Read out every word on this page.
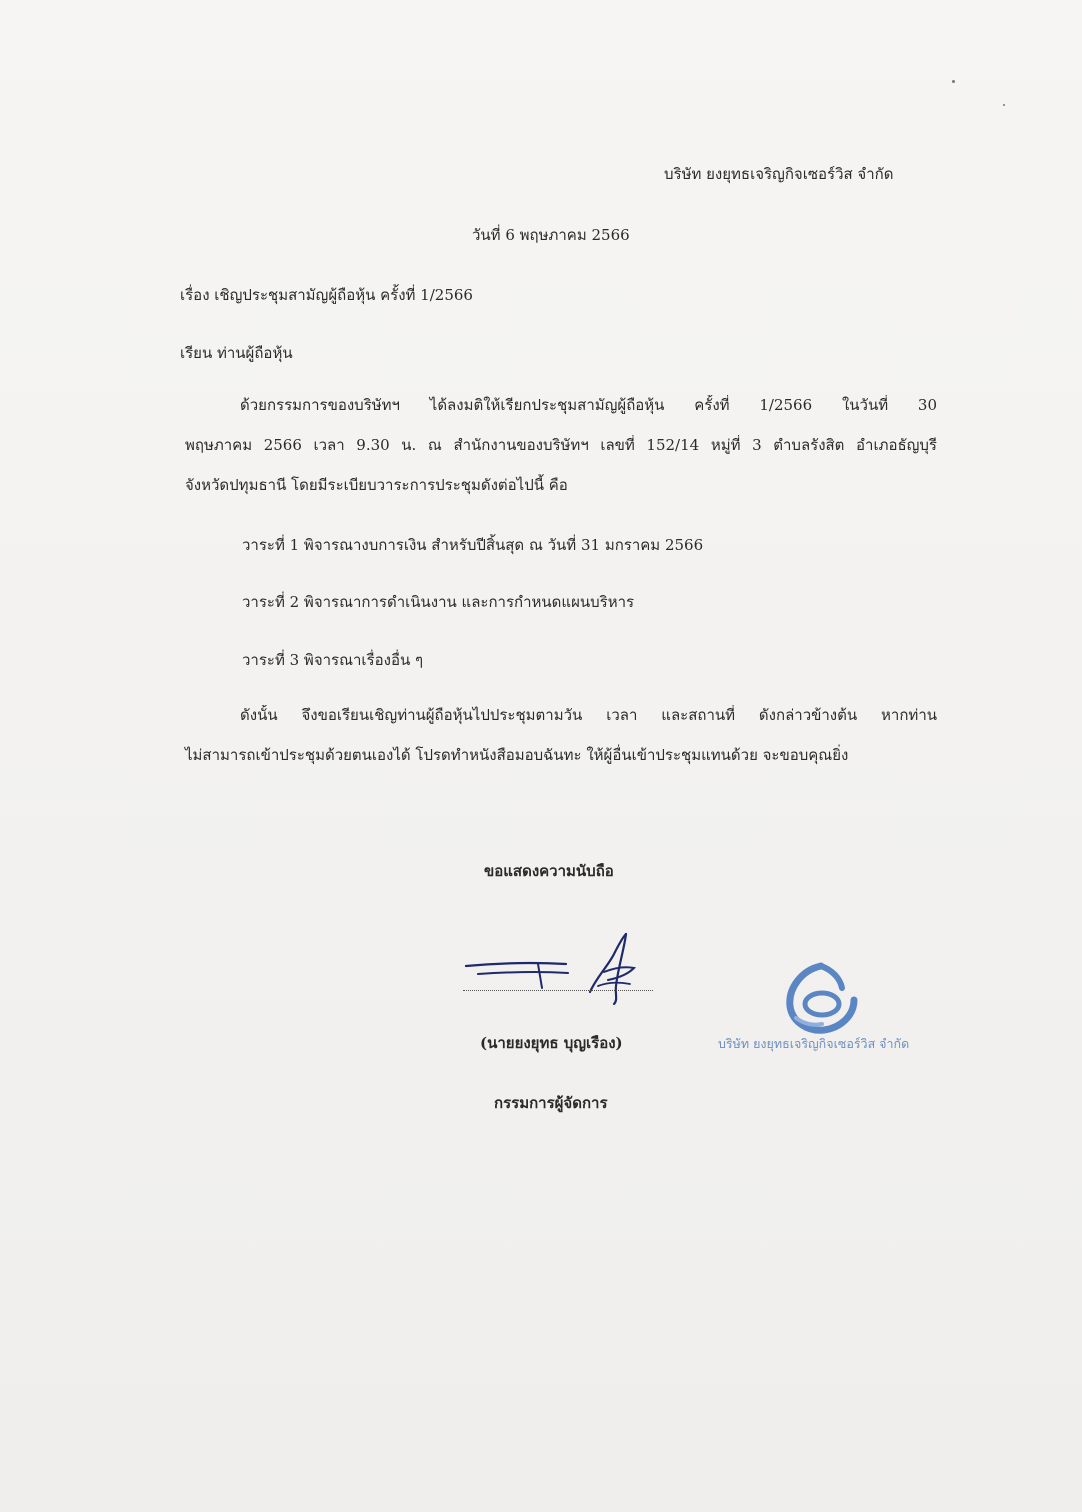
บริษัท ยงยุทธเจริญกิจเซอร์วิส จำกัด
วันที่ 6 พฤษภาคม 2566
เรื่อง เชิญประชุมสามัญผู้ถือหุ้น ครั้งที่ 1/2566
เรียน ท่านผู้ถือหุ้น
ด้วยกรรมการของบริษัทฯ ได้ลงมติให้เรียกประชุมสามัญผู้ถือหุ้น ครั้งที่ 1/2566 ในวันที่ 30
พฤษภาคม 2566 เวลา 9.30 น. ณ สำนักงานของบริษัทฯ เลขที่ 152/14 หมู่ที่ 3 ตำบลรังสิต อำเภอธัญบุรี
จังหวัดปทุมธานี โดยมีระเบียบวาระการประชุมดังต่อไปนี้ คือ
วาระที่ 1 พิจารณางบการเงิน สำหรับปีสิ้นสุด ณ วันที่ 31 มกราคม 2566
วาระที่ 2 พิจารณาการดำเนินงาน และการกำหนดแผนบริหาร
วาระที่ 3 พิจารณาเรื่องอื่น ๆ
ดังนั้น จึงขอเรียนเชิญท่านผู้ถือหุ้นไปประชุมตามวัน เวลา และสถานที่ ดังกล่าวข้างต้น หากท่าน
ไม่สามารถเข้าประชุมด้วยตนเองได้ โปรดทำหนังสือมอบฉันทะ ให้ผู้อื่นเข้าประชุมแทนด้วย จะขอบคุณยิ่ง
ขอแสดงความนับถือ
(นายยงยุทธ บุญเรือง)
กรรมการผู้จัดการ
บริษัท ยงยุทธเจริญกิจเซอร์วิส จำกัด
